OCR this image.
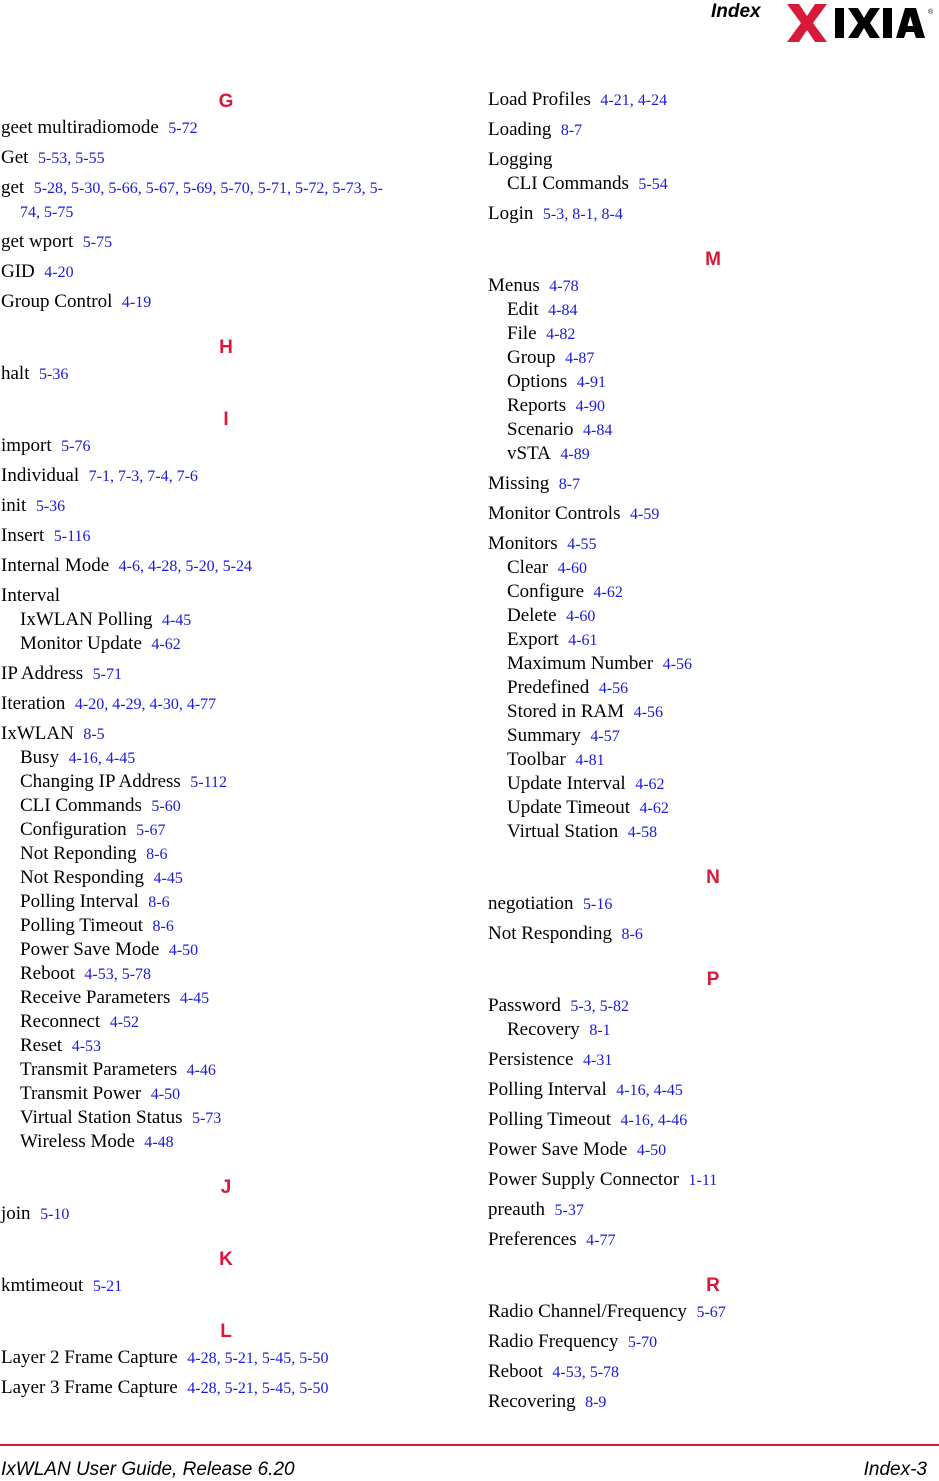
Index	®
G
geet multiradiomode 5-72
Get 5-53, 5-55
get 5-28, 5-30, 5-66, 5-67, 5-69, 5-70, 5-71, 5-72, 5-73, 5-
74, 5-75
get wport 5-75
GID 4-20
Group Control 4-19
H
halt 5-36
I
import 5-76
Individual 7-1, 7-3, 7-4, 7-6
init 5-36
Insert 5-116
Internal Mode 4-6, 4-28, 5-20, 5-24
Interval
IxWLAN Polling 4-45
Monitor Update 4-62
IP Address 5-71
Iteration 4-20, 4-29, 4-30, 4-77
IxWLAN 8-5
Busy 4-16, 4-45
Changing IP Address 5-112
CLI Commands 5-60
Configuration 5-67
Not Reponding 8-6
Not Responding 4-45
Polling Interval 8-6
Polling Timeout 8-6
Power Save Mode 4-50
Reboot 4-53, 5-78
Receive Parameters 4-45
Reconnect 4-52
Reset 4-53
Transmit Parameters 4-46
Transmit Power 4-50
Virtual Station Status 5-73
Wireless Mode 4-48
J
join 5-10
K
kmtimeout 5-21
L
Layer 2 Frame Capture 4-28, 5-21, 5-45, 5-50
Layer 3 Frame Capture 4-28, 5-21, 5-45, 5-50
Load Profiles 4-21, 4-24
Loading 8-7
Logging
CLI Commands 5-54
Login 5-3, 8-1, 8-4
M
Menus 4-78
Edit 4-84
File 4-82
Group 4-87
Options 4-91
Reports 4-90
Scenario 4-84
vSTA 4-89
Missing 8-7
Monitor Controls 4-59
Monitors 4-55
Clear 4-60
Configure 4-62
Delete 4-60
Export 4-61
Maximum Number 4-56
Predefined 4-56
Stored in RAM 4-56
Summary 4-57
Toolbar 4-81
Update Interval 4-62
Update Timeout 4-62
Virtual Station 4-58
N
negotiation 5-16
Not Responding 8-6
P
Password 5-3, 5-82
Recovery 8-1
Persistence 4-31
Polling Interval 4-16, 4-45
Polling Timeout 4-16, 4-46
Power Save Mode 4-50
Power Supply Connector 1-11
preauth 5-37
Preferences 4-77
R
Radio Channel/Frequency 5-67
Radio Frequency 5-70
Reboot 4-53, 5-78
Recovering 8-9
IxWLAN User Guide, Release 6.20	Index-3
